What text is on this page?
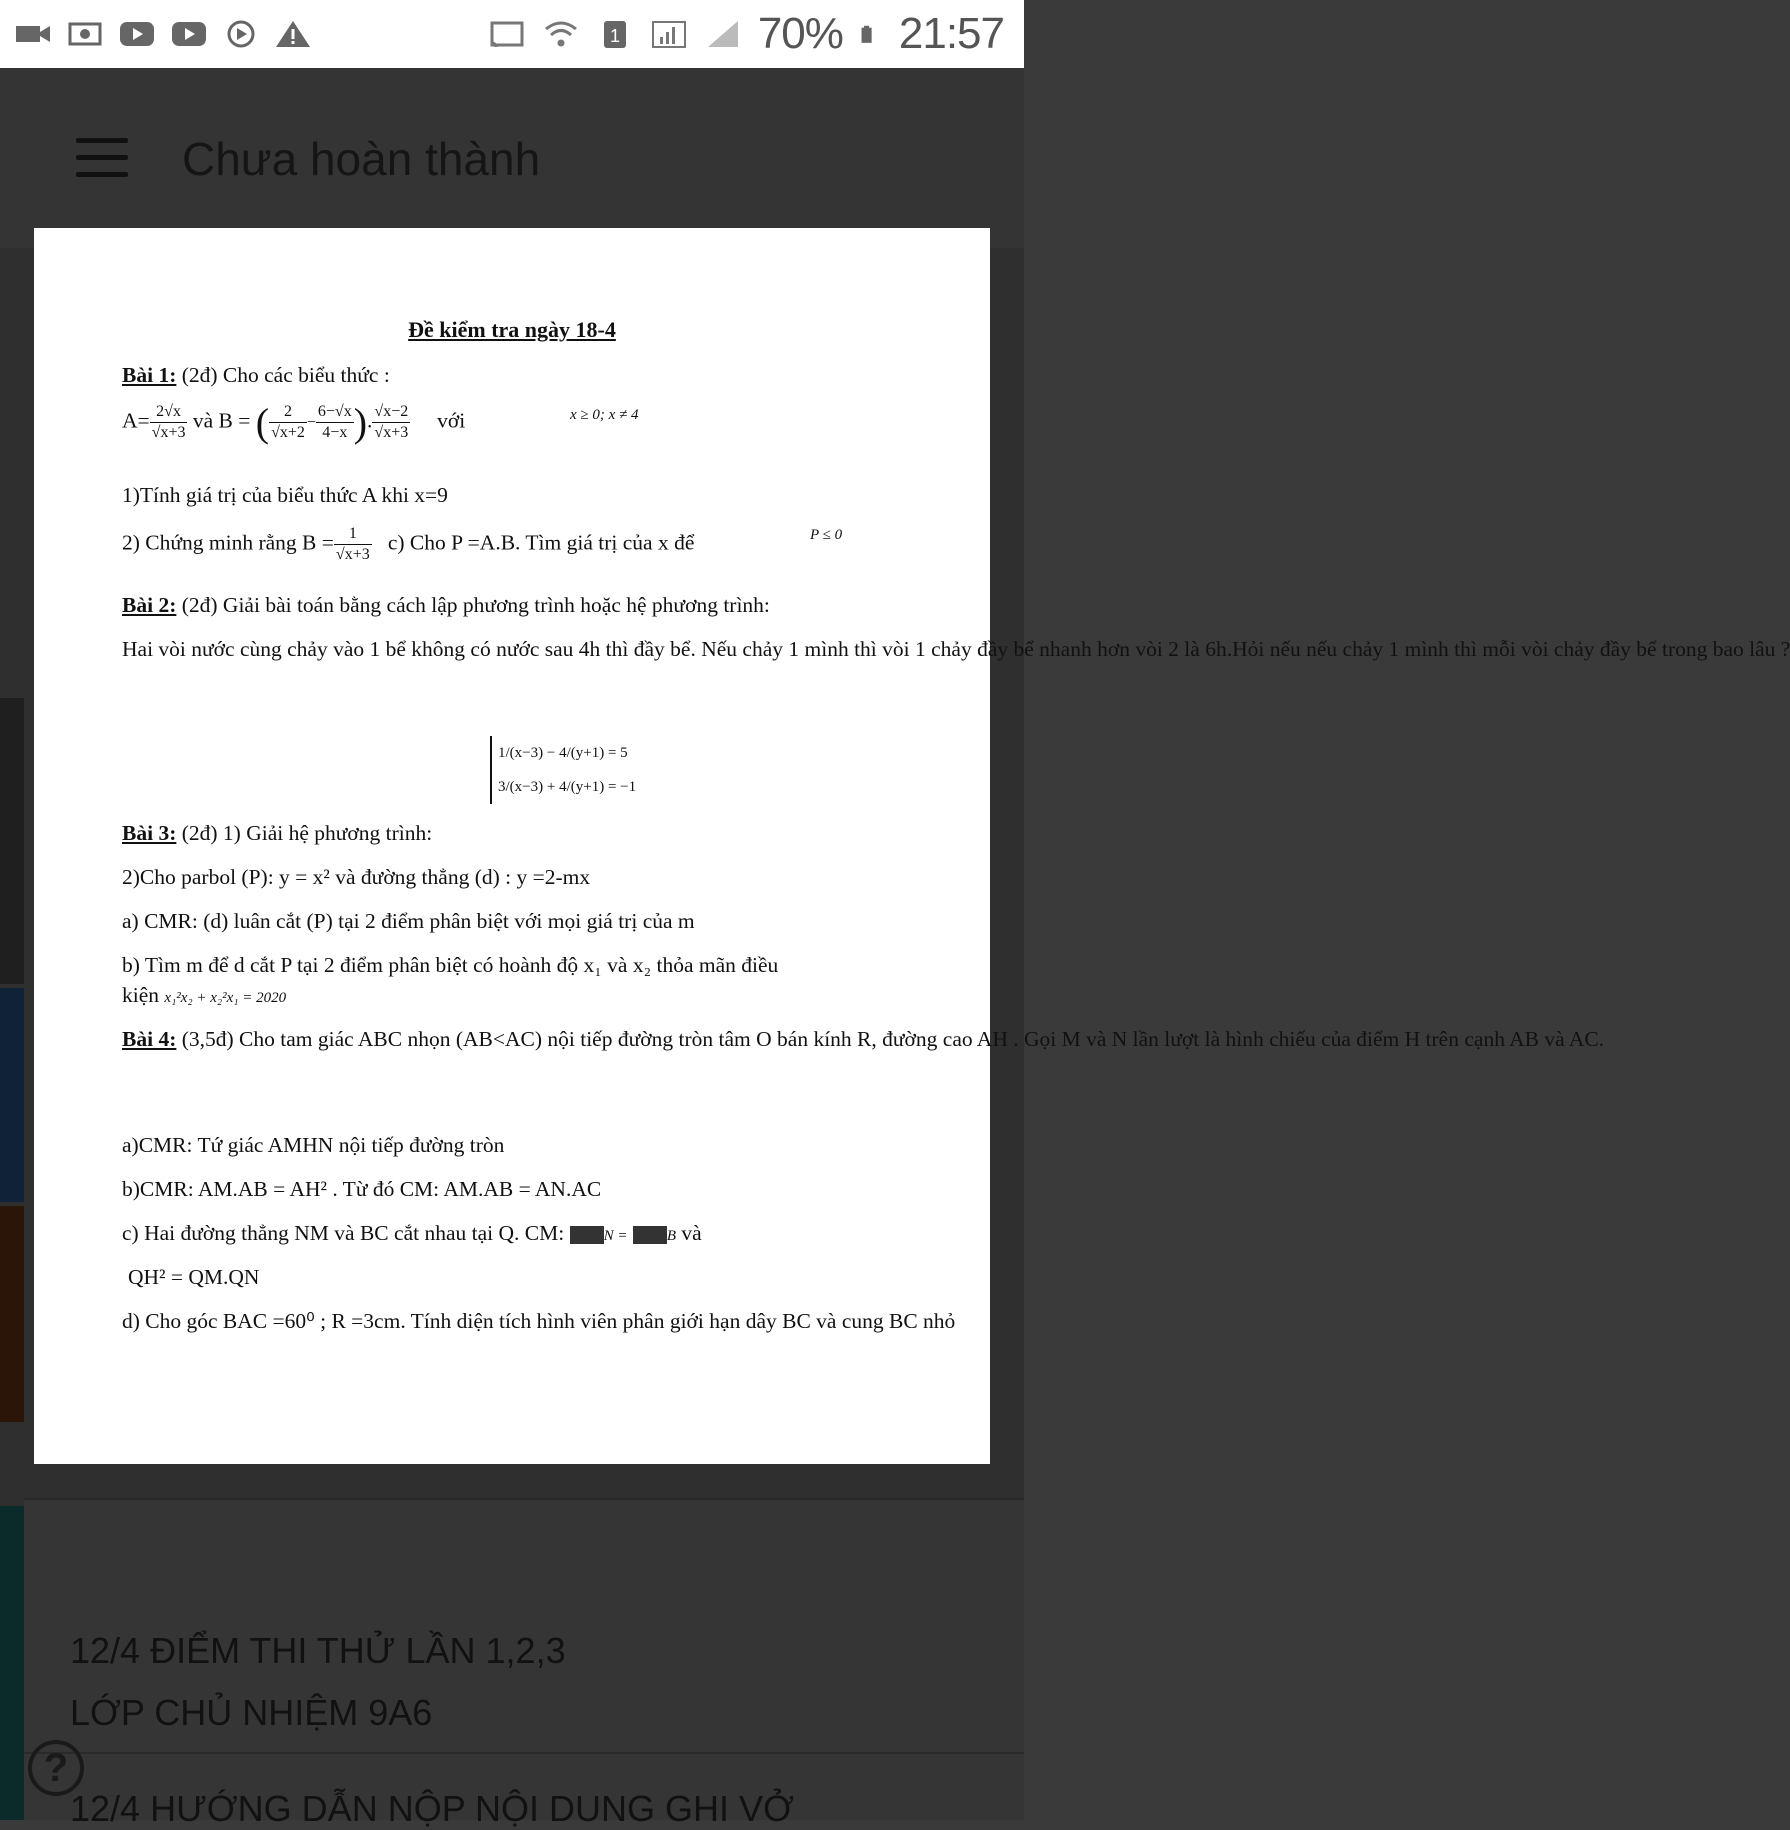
1	70% 21:57
Chưa hoàn thành
12/4 ĐIỂM THI THỬ LẦN 1,2,3
LỚP CHỦ NHIỆM 9A6
12/4 HƯỚNG DẪN NỘP NỘI DUNG GHI VỞ
?
Đề kiểm tra ngày 18-4
Bài 1: (2đ) Cho các biểu thức :
$A= \frac{2√x}{√x+3}$ và B = ( $\frac{2}{√x+2} - \frac{6-√x}{4-x}$ ). $\frac{√x-2}{√x+3}$ với	x ≥ 0; x ≠ 4
1)Tính giá trị của biểu thức A khi x=9
2) Chứng minh rằng $B = \frac{1}{√x+3} c$) Cho P =A.B. Tìm giá trị của x để	P ≤ 0
Bài 2: (2đ) Giải bài toán bằng cách lập phương trình hoặc hệ phương trình:
Hai vòi nước cùng chảy vào 1 bể không có nước sau 4h thì đầy bể. Nếu chảy 1 mình thì vòi 1 chảy đầy bể nhanh hơn vòi 2 là 6h.Hỏi nếu nếu chảy 1 mình thì mỗi vòi chảy đầy bể trong bao lâu ?
1/(x−3) − 4/(y+1) = 5
3/(x−3) + 4/(y+1) = −1
Bài 3: (2đ) 1) Giải hệ phương trình:
2)Cho parbol (P): y = x² và đường thẳng (d) : y =2-mx
a) CMR: (d) luân cắt (P) tại 2 điểm phân biệt với mọi giá trị của m
b) Tìm m để d cắt P tại 2 điểm phân biệt có hoành độ x₁ và x₂ thỏa mãn điều
kiện x₁²x₂ + x₂²x₁ = 2020
Bài 4: (3,5đ) Cho tam giác ABC nhọn (AB<AC) nội tiếp đường tròn tâm O bán kính R, đường cao AH . Gọi M và N lần lượt là hình chiếu của điểm H trên cạnh AB và AC.
a)CMR: Tứ giác AMHN nội tiếp đường tròn
b)CMR: AM.AB = AH² . Từ đó CM: AM.AB = AN.AC
c) Hai đường thẳng NM và BC cắt nhau tại Q. CM:	N =	B và
QH² = QM.QN
d) Cho góc BAC =60⁰ ; R =3cm. Tính diện tích hình viên phân giới hạn dây BC và cung BC nhỏ
